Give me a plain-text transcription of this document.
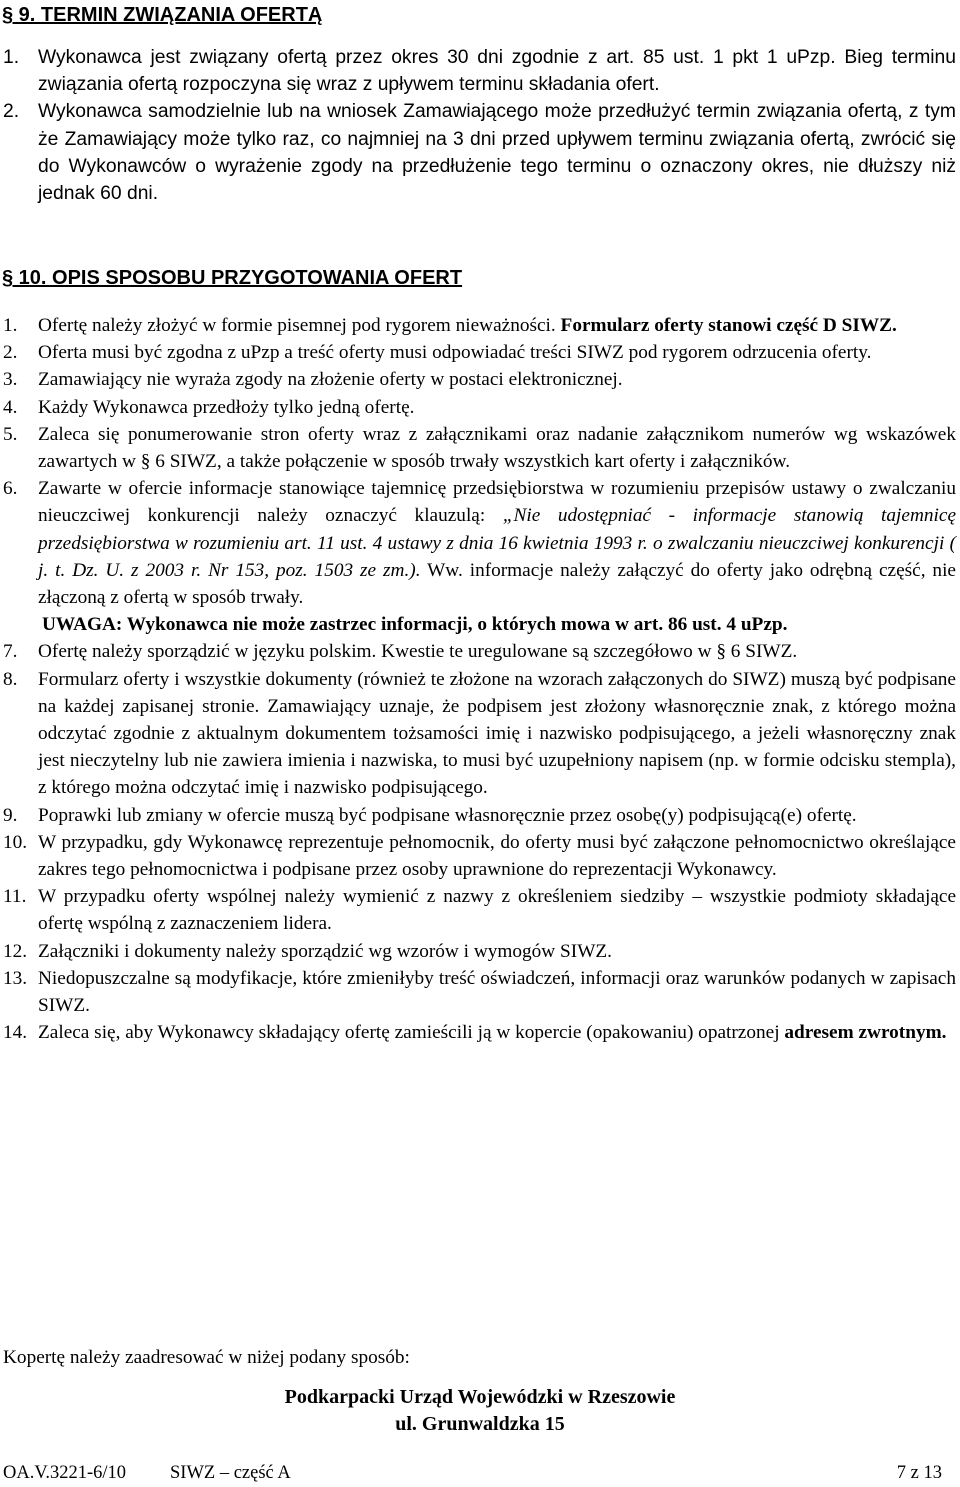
§ 9. TERMIN ZWIĄZANIA OFERTĄ
1. Wykonawca jest związany ofertą przez okres 30 dni zgodnie z art. 85 ust. 1 pkt 1 uPzp. Bieg terminu związania ofertą rozpoczyna się wraz z upływem terminu składania ofert.
2. Wykonawca samodzielnie lub na wniosek Zamawiającego może przedłużyć termin związania ofertą, z tym że Zamawiający może tylko raz, co najmniej na 3 dni przed upływem terminu związania ofertą, zwrócić się do Wykonawców o wyrażenie zgody na przedłużenie tego terminu o oznaczony okres, nie dłuższy niż jednak 60 dni.
§ 10. OPIS SPOSOBU PRZYGOTOWANIA OFERT
1. Ofertę należy złożyć w formie pisemnej pod rygorem nieważności. Formularz oferty stanowi część D SIWZ.
2. Oferta musi być zgodna z uPzp a treść oferty musi odpowiadać treści SIWZ pod rygorem odrzucenia oferty.
3. Zamawiający nie wyraża zgody na złożenie oferty w postaci elektronicznej.
4. Każdy Wykonawca przedłoży tylko jedną ofertę.
5. Zaleca się ponumerowanie stron oferty wraz z załącznikami oraz nadanie załącznikom numerów wg wskazówek zawartych w § 6 SIWZ, a także połączenie w sposób trwały wszystkich kart oferty i załączników.
6. Zawarte w ofercie informacje stanowiące tajemnicę przedsiębiorstwa w rozumieniu przepisów ustawy o zwalczaniu nieuczciwej konkurencji należy oznaczyć klauzulą: „Nie udostępniać - informacje stanowią tajemnicę przedsiębiorstwa w rozumieniu art. 11 ust. 4 ustawy z dnia 16 kwietnia 1993 r. o zwalczaniu nieuczciwej konkurencji ( j. t. Dz. U. z 2003 r. Nr 153, poz. 1503 ze zm.). Ww. informacje należy załączyć do oferty jako odrębną część, nie złączoną z ofertą w sposób trwały.
UWAGA: Wykonawca nie może zastrzec informacji, o których mowa w art. 86 ust. 4 uPzp.
7. Ofertę należy sporządzić w języku polskim. Kwestie te uregulowane są szczegółowo w § 6 SIWZ.
8. Formularz oferty i wszystkie dokumenty (również te złożone na wzorach załączonych do SIWZ) muszą być podpisane na każdej zapisanej stronie. Zamawiający uznaje, że podpisem jest złożony własnoręcznie znak, z którego można odczytać zgodnie z aktualnym dokumentem tożsamości imię i nazwisko podpisującego, a jeżeli własnoręczny znak jest nieczytelny lub nie zawiera imienia i nazwiska, to musi być uzupełniony napisem (np. w formie odcisku stempla), z którego można odczytać imię i nazwisko podpisującego.
9. Poprawki lub zmiany w ofercie muszą być podpisane własnoręcznie przez osobę(y) podpisującą(e) ofertę.
10. W przypadku, gdy Wykonawcę reprezentuje pełnomocnik, do oferty musi być załączone pełnomocnictwo określające zakres tego pełnomocnictwa i podpisane przez osoby uprawnione do reprezentacji Wykonawcy.
11. W przypadku oferty wspólnej należy wymienić z nazwy z określeniem siedziby – wszystkie podmioty składające ofertę wspólną z zaznaczeniem lidera.
12. Załączniki i dokumenty należy sporządzić wg wzorów i wymogów SIWZ.
13. Niedopuszczalne są modyfikacje, które zmieniłyby treść oświadczeń, informacji oraz warunków podanych w zapisach SIWZ.
14. Zaleca się, aby Wykonawcy składający ofertę zamieścili ją w kopercie (opakowaniu) opatrzonej adresem zwrotnym.
Kopertę należy zaadresować w niżej podany sposób:
Podkarpacki Urząd Wojewódzki w Rzeszowie
ul. Grunwaldzka 15
OA.V.3221-6/10 SIWZ – część A	7 z 13
